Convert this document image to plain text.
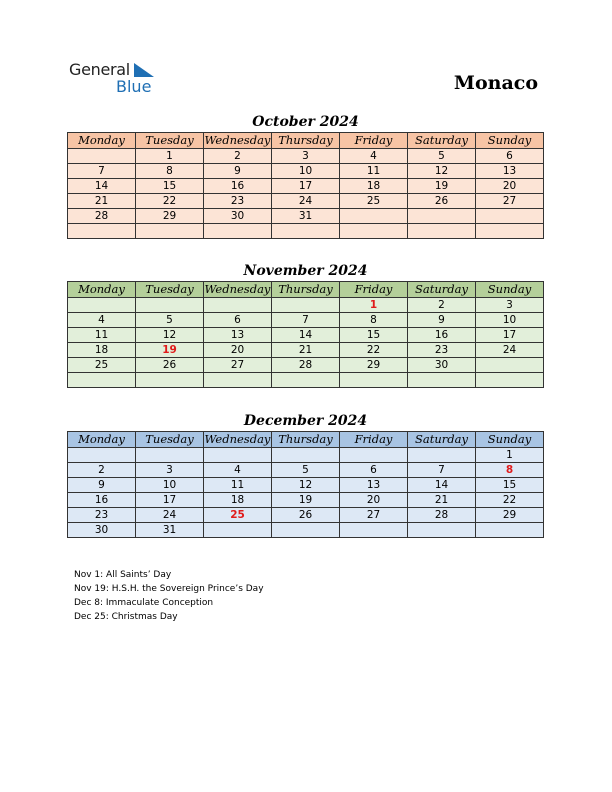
General
Blue	Monaco
October 2024
Monday	Tuesday	Wednesday	Thursday	Friday	Saturday	Sunday
	1	2	3	4	5	6
7	8	9	10	11	12	13
14	15	16	17	18	19	20
21	22	23	24	25	26	27
28	29	30	31			

November 2024
Monday	Tuesday	Wednesday	Thursday	Friday	Saturday	Sunday
				1	2	3
4	5	6	7	8	9	10
11	12	13	14	15	16	17
18	19	20	21	22	23	24
25	26	27	28	29	30	

December 2024
Monday	Tuesday	Wednesday	Thursday	Friday	Saturday	Sunday
						1
2	3	4	5	6	7	8
9	10	11	12	13	14	15
16	17	18	19	20	21	22
23	24	25	26	27	28	29
30	31					
Nov 1: All Saints’ Day
Nov 19: H.S.H. the Sovereign Prince’s Day
Dec 8: Immaculate Conception
Dec 25: Christmas Day
